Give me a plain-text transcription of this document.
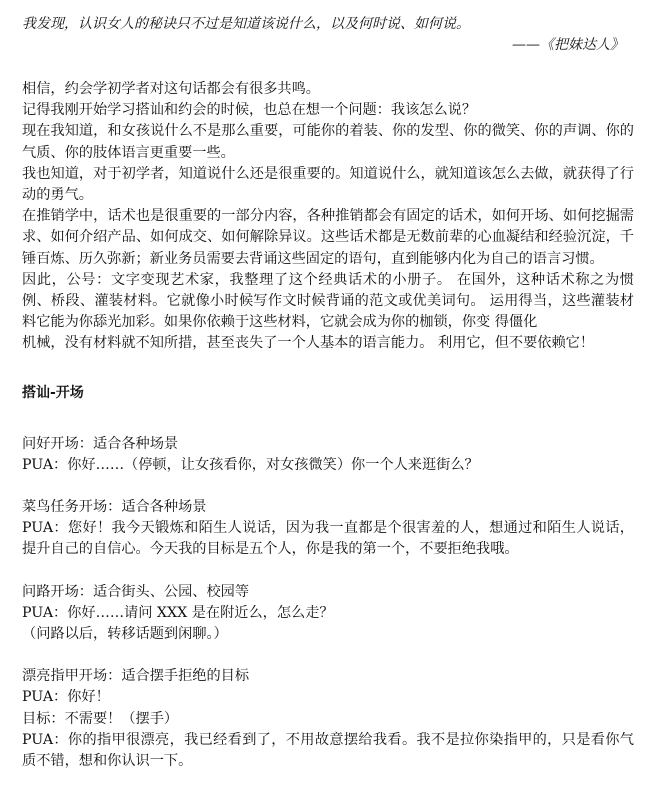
我发现，认识女人的秘诀只不过是知道该说什么，以及何时说、如何说。
——《把妹达人》

相信，约会学初学者对这句话都会有很多共鸣。

记得我刚开始学习搭讪和约会的时候，也总在想一个问题：我该怎么说？

现在我知道，和女孩说什么不是那么重要，可能你的着装、你的发型、你的微笑、你的声调、你的气质、你的肢体语言更重要一些。

我也知道，对于初学者，知道说什么还是很重要的。知道说什么，就知道该怎么去做，就获得了行动的勇气。

在推销学中，话术也是很重要的一部分内容，各种推销都会有固定的话术，如何开场、如何挖掘需求、如何介绍产品、如何成交、如何解除异议。这些话术都是无数前辈的心血凝结和经验沉淀，千锤百炼、历久弥新；新业务员需要去背诵这些固定的语句，直到能够内化为自己的语言习惯。

因此，公号：文字变现艺术家，我整理了这个经典话术的小册子。 在国外，这种话术称之为惯例、桥段、灌装材料。它就像小时候写作文时候背诵的范文或优美词句。 运用得当，这些灌装材料它能为你舔光加彩。如果你依赖于这些材料，它就会成为你的枷锁，你变 得僵化

机械，没有材料就不知所措，甚至丧失了一个人基本的语言能力。 利用它，但不要依赖它！

搭讪-开场

问好开场：适合各种场景

PUA：你好……（停顿，让女孩看你，对女孩微笑）你一个人来逛街么？

菜鸟任务开场：适合各种场景

PUA：您好！我今天锻炼和陌生人说话，因为我一直都是个很害羞的人，想通过和陌生人说话，提升自己的自信心。今天我的目标是五个人，你是我的第一个，不要拒绝我哦。

问路开场：适合街头、公园、校园等

PUA：你好……请问 XXX 是在附近么，怎么走？

（问路以后，转移话题到闲聊。）

漂亮指甲开场：适合摆手拒绝的目标

PUA：你好！

目标：不需要！（摆手）

PUA：你的指甲很漂亮，我已经看到了，不用故意摆给我看。我不是拉你染指甲的，只是看你气质不错，想和你认识一下。
